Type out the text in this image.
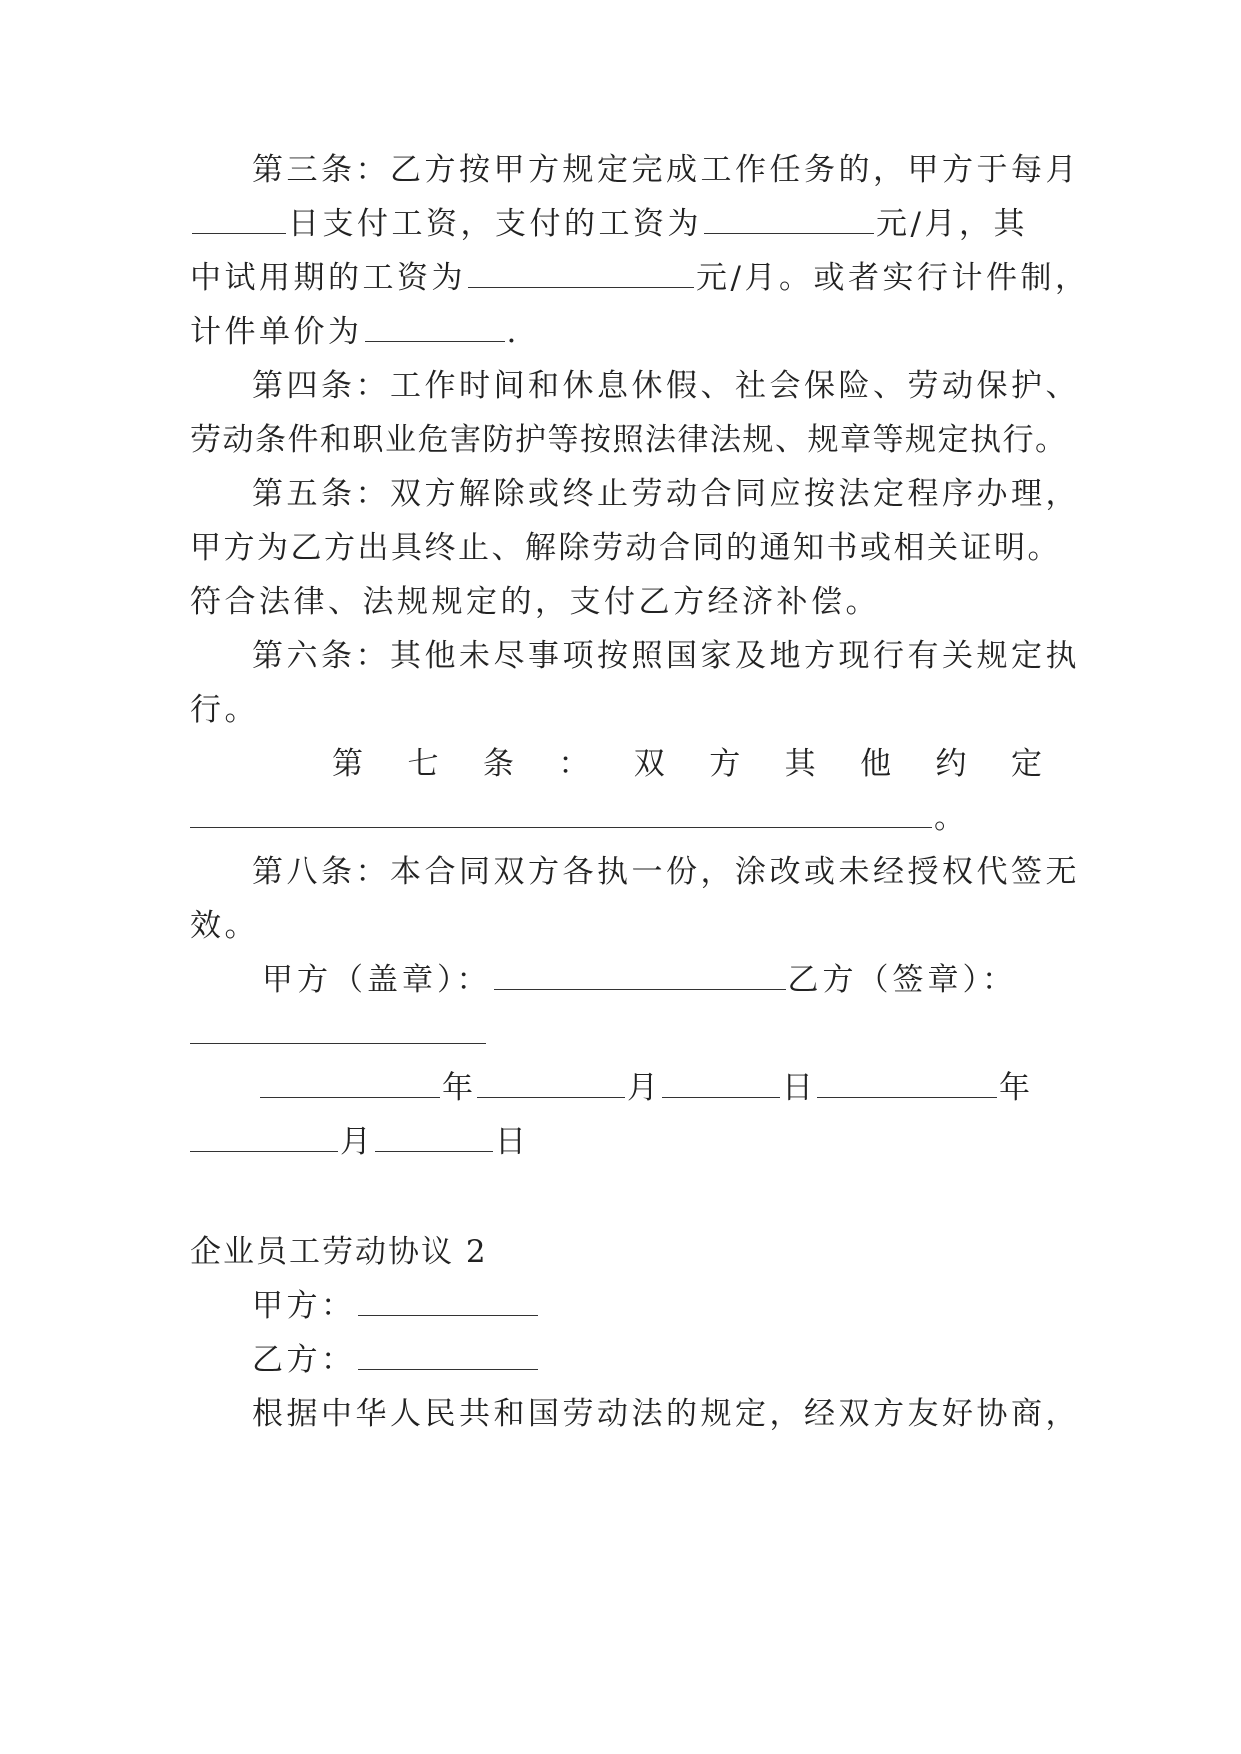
第三条：乙方按甲方规定完成工作任务的，甲方于每月
日支付工资，支付的工资为	元/月，其
中试用期的工资为	元/月。或者实行计件制，
计件单价为	.
第四条：工作时间和休息休假、社会保险、劳动保护、
劳动条件和职业危害防护等按照法律法规、规章等规定执行。
第五条：双方解除或终止劳动合同应按法定程序办理，
甲方为乙方出具终止、解除劳动合同的通知书或相关证明。
符合法律、法规规定的，支付乙方经济补偿。
第六条：其他未尽事项按照国家及地方现行有关规定执
行。
第 七 条 ： 双 方 其 他 约 定
。
第八条：本合同双方各执一份，涂改或未经授权代签无
效。
甲方（盖章）：	乙方（签章）：
年	月	日	年
月	日
企业员工劳动协议 2
甲方：
乙方：
根据中华人民共和国劳动法的规定，经双方友好协商，
